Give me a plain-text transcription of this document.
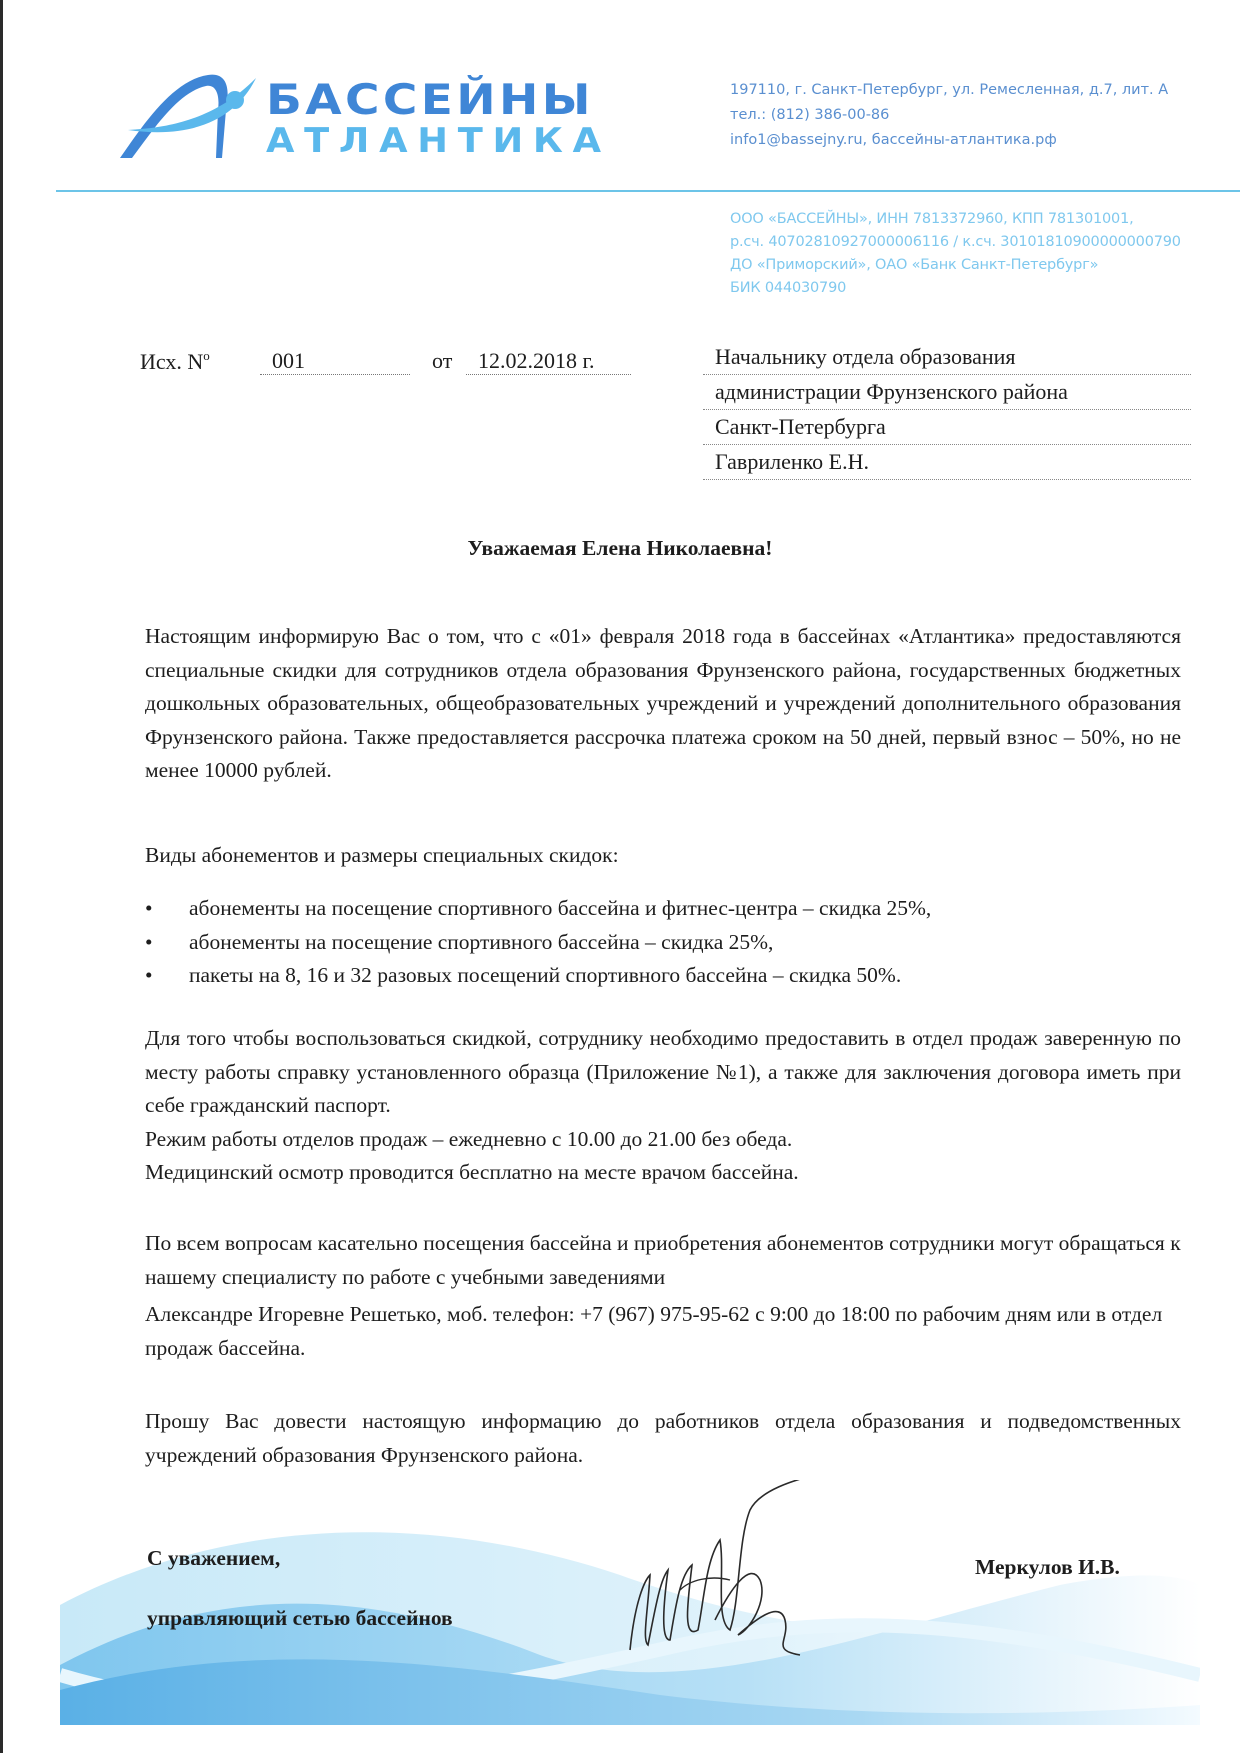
БАССЕЙНЫ
АТЛАНТИКА
197110, г. Санкт-Петербург, ул. Ремесленная, д.7, лит. А
тел.: (812) 386-00-86
info1@bassejny.ru, бассейны-атлантика.рф
ООО «БАССЕЙНЫ», ИНН 7813372960, КПП 781301001,
р.сч. 40702810927000006116 / к.сч. 30101810900000000790
ДО «Приморский», ОАО «Банк Санкт-Петербург»
БИК 044030790
Исх. $N^o$	001	от	12.02.2018 г.	Начальнику отдела образования
администрации Фрунзенского района
Санкт-Петербурга
Гавриленко Е.Н.
Уважаемая Елена Николаевна!
Настоящим информирую Вас о том, что с «01» февраля 2018 года в бассейнах «Атлантика» предоставляются специальные скидки для сотрудников отдела образования Фрунзенского района, государственных бюджетных дошкольных образовательных, общеобразовательных учреждений и учреждений дополнительного образования Фрунзенского района. Также предоставляется рассрочка платежа сроком на 50 дней, первый взнос – 50%, но не менее 10000 рублей.
Виды абонементов и размеры специальных скидок:
• абонементы на посещение спортивного бассейна и фитнес-центра – скидка 25%,
• абонементы на посещение спортивного бассейна – скидка 25%,
• пакеты на 8, 16 и 32 разовых посещений спортивного бассейна – скидка 50%.
Для того чтобы воспользоваться скидкой, сотруднику необходимо предоставить в отдел продаж заверенную по месту работы справку установленного образца (Приложение №1), а также для заключения договора иметь при себе гражданский паспорт.
Режим работы отделов продаж – ежедневно с 10.00 до 21.00 без обеда.
Медицинский осмотр проводится бесплатно на месте врачом бассейна.
По всем вопросам касательно посещения бассейна и приобретения абонементов сотрудники могут обращаться к нашему специалисту по работе с учебными заведениями
Александре Игоревне Решетько, моб. телефон: +7 (967) 975-95-62 с 9:00 до 18:00 по рабочим дням или в отдел продаж бассейна.
Прошу Вас довести настоящую информацию до работников отдела образования и подведомственных учреждений образования Фрунзенского района.
С уважением,
управляющий сетью бассейнов
Меркулов И.В.
